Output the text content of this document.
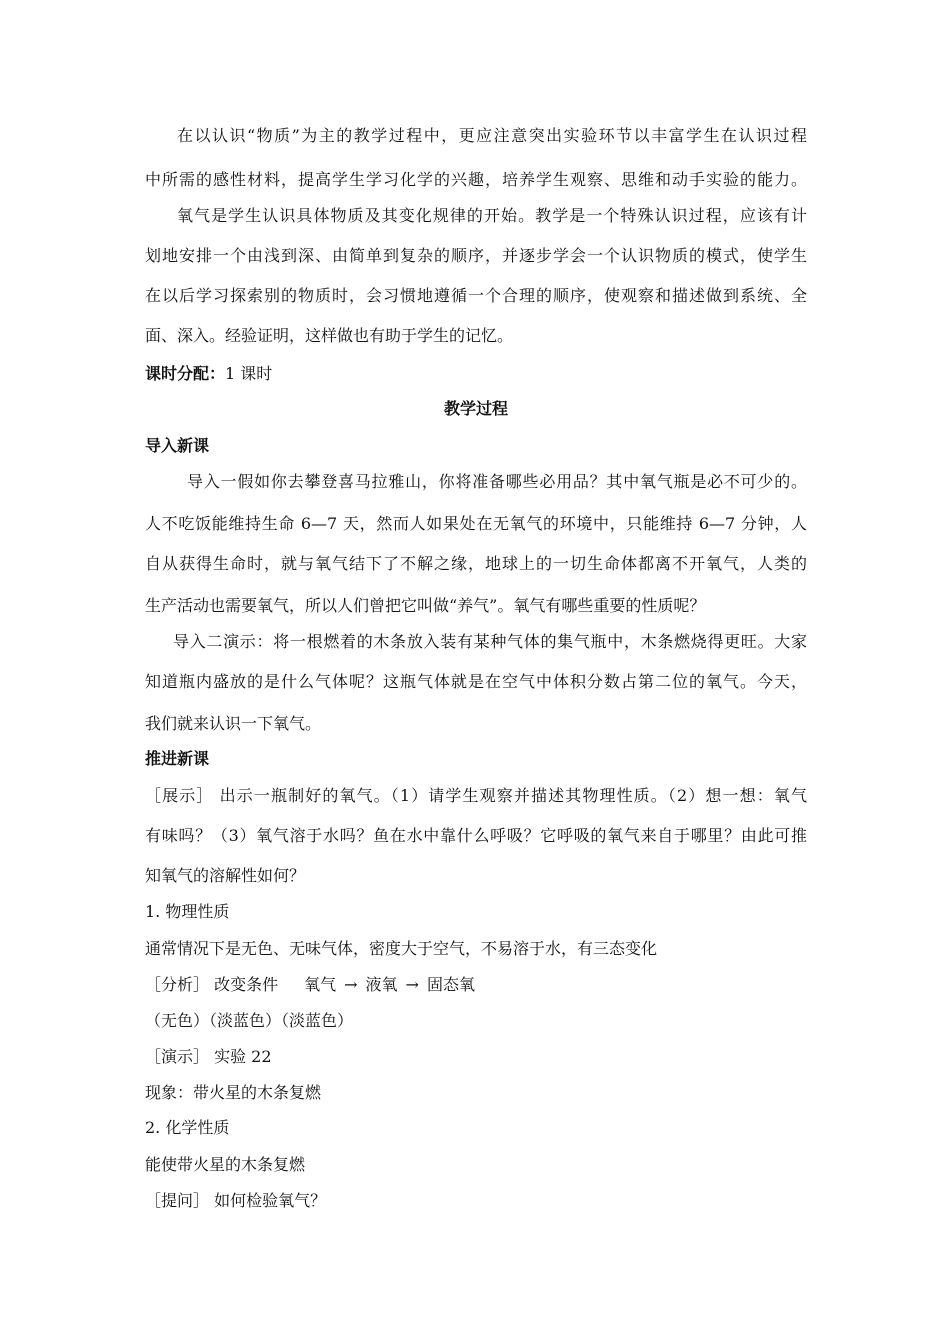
在以认识“物质”为主的教学过程中，更应注意突出实验环节以丰富学生在认识过程
中所需的感性材料，提高学生学习化学的兴趣，培养学生观察、思维和动手实验的能力。
氧气是学生认识具体物质及其变化规律的开始。教学是一个特殊认识过程，应该有计
划地安排一个由浅到深、由简单到复杂的顺序，并逐步学会一个认识物质的模式，使学生
在以后学习探索别的物质时，会习惯地遵循一个合理的顺序，使观察和描述做到系统、全
面、深入。经验证明，这样做也有助于学生的记忆。
课时分配：1 课时
教学过程
导入新课
导入一假如你去攀登喜马拉雅山，你将准备哪些必用品？其中氧气瓶是必不可少的。
人不吃饭能维持生命 6—7 天，然而人如果处在无氧气的环境中，只能维持 6—7 分钟，人
自从获得生命时，就与氧气结下了不解之缘，地球上的一切生命体都离不开氧气，人类的
生产活动也需要氧气，所以人们曾把它叫做“养气”。氧气有哪些重要的性质呢？
导入二演示：将一根燃着的木条放入装有某种气体的集气瓶中，木条燃烧得更旺。大家
知道瓶内盛放的是什么气体呢？这瓶气体就是在空气中体积分数占第二位的氧气。今天，
我们就来认识一下氧气。
推进新课
［展示］ 出示一瓶制好的氧气。（1）请学生观察并描述其物理性质。（2）想一想：氧气
有味吗？（3）氧气溶于水吗？鱼在水中靠什么呼吸？它呼吸的氧气来自于哪里？由此可推
知氧气的溶解性如何？
1. 物理性质
通常情况下是无色、无味气体，密度大于空气，不易溶于水，有三态变化
［分析］ 改变条件 氧气 → 液氧 → 固态氧
（无色）（淡蓝色）（淡蓝色）
［演示］ 实验 22
现象：带火星的木条复燃
2. 化学性质
能使带火星的木条复燃
［提问］ 如何检验氧气？
